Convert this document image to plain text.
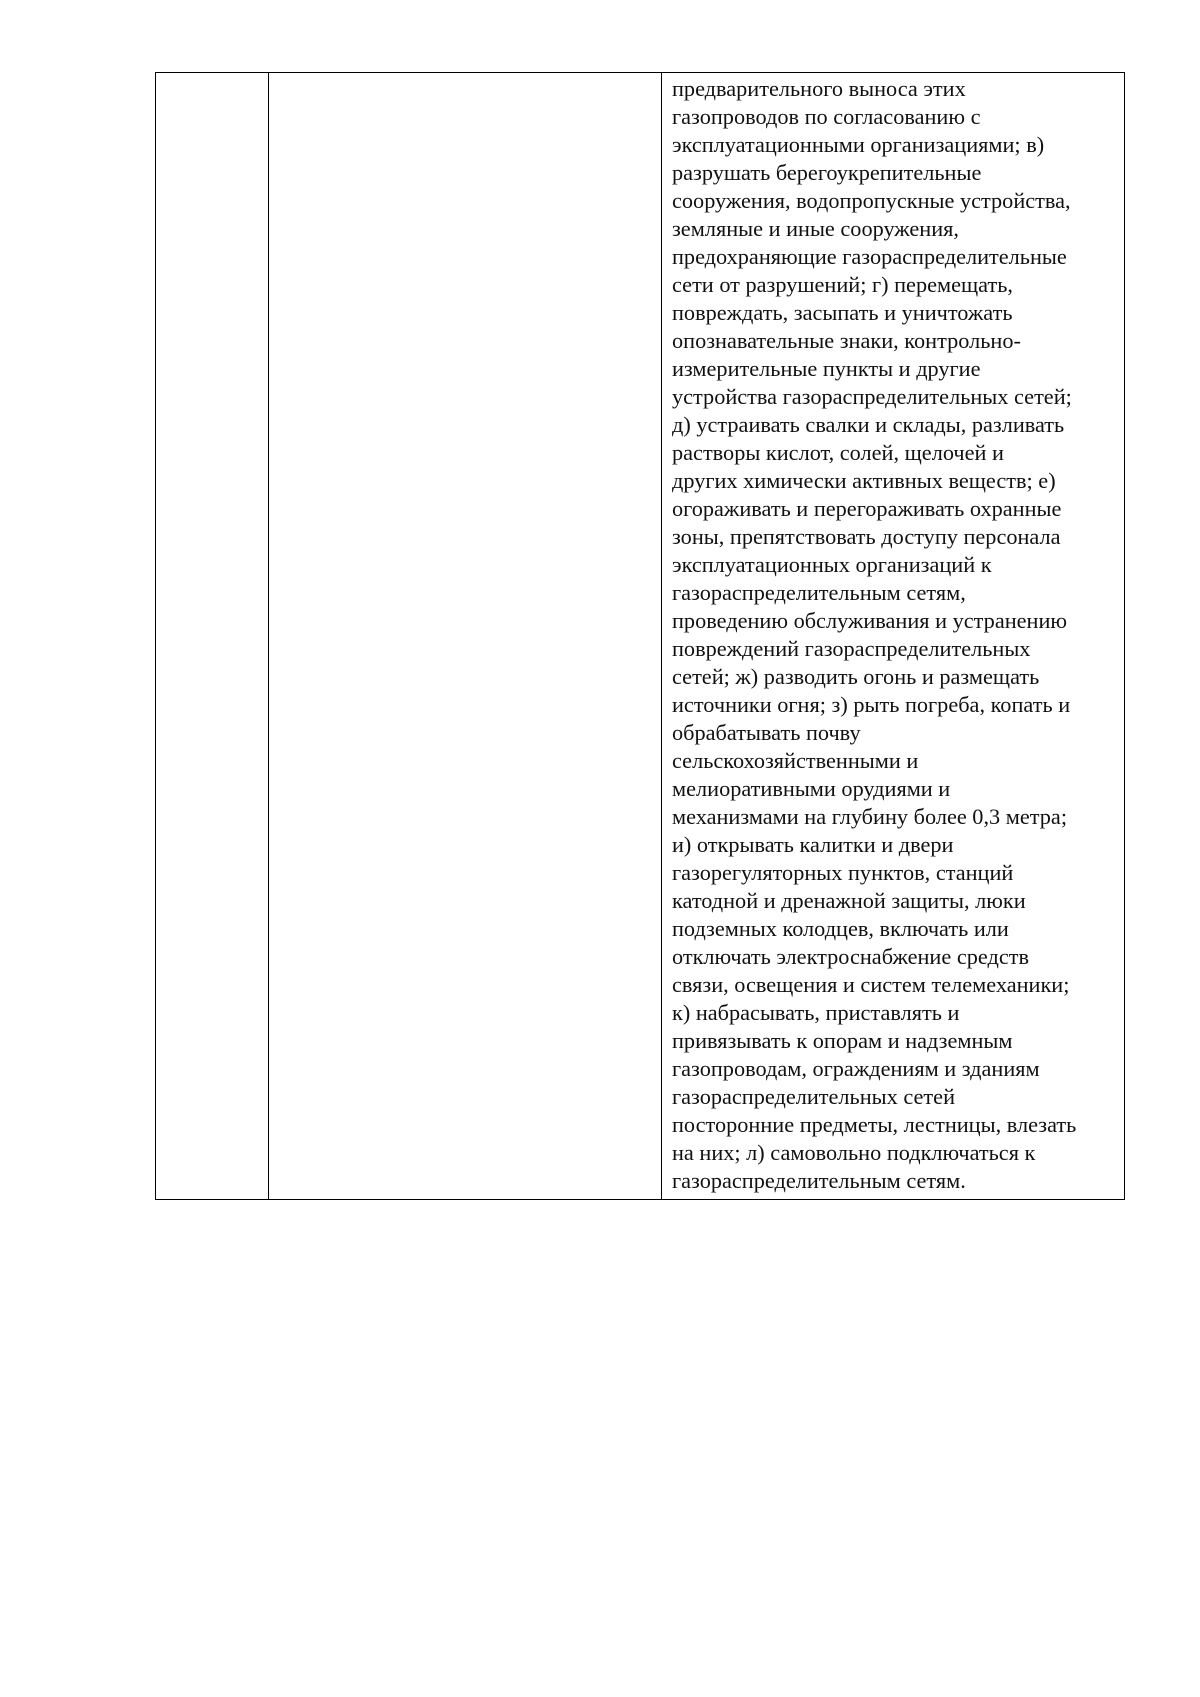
предварительного выноса этих
газопроводов по согласованию с
эксплуатационными организациями; в)
разрушать берегоукрепительные
сооружения, водопропускные устройства,
земляные и иные сооружения,
предохраняющие газораспределительные
сети от разрушений; г) перемещать,
повреждать, засыпать и уничтожать
опознавательные знаки, контрольно-
измерительные пункты и другие
устройства газораспределительных сетей;
д) устраивать свалки и склады, разливать
растворы кислот, солей, щелочей и
других химически активных веществ; е)
огораживать и перегораживать охранные
зоны, препятствовать доступу персонала
эксплуатационных организаций к
газораспределительным сетям,
проведению обслуживания и устранению
повреждений газораспределительных
сетей; ж) разводить огонь и размещать
источники огня; з) рыть погреба, копать и
обрабатывать почву
сельскохозяйственными и
мелиоративными орудиями и
механизмами на глубину более 0,3 метра;
и) открывать калитки и двери
газорегуляторных пунктов, станций
катодной и дренажной защиты, люки
подземных колодцев, включать или
отключать электроснабжение средств
связи, освещения и систем телемеханики;
к) набрасывать, приставлять и
привязывать к опорам и надземным
газопроводам, ограждениям и зданиям
газораспределительных сетей
посторонние предметы, лестницы, влезать
на них; л) самовольно подключаться к
газораспределительным сетям.
